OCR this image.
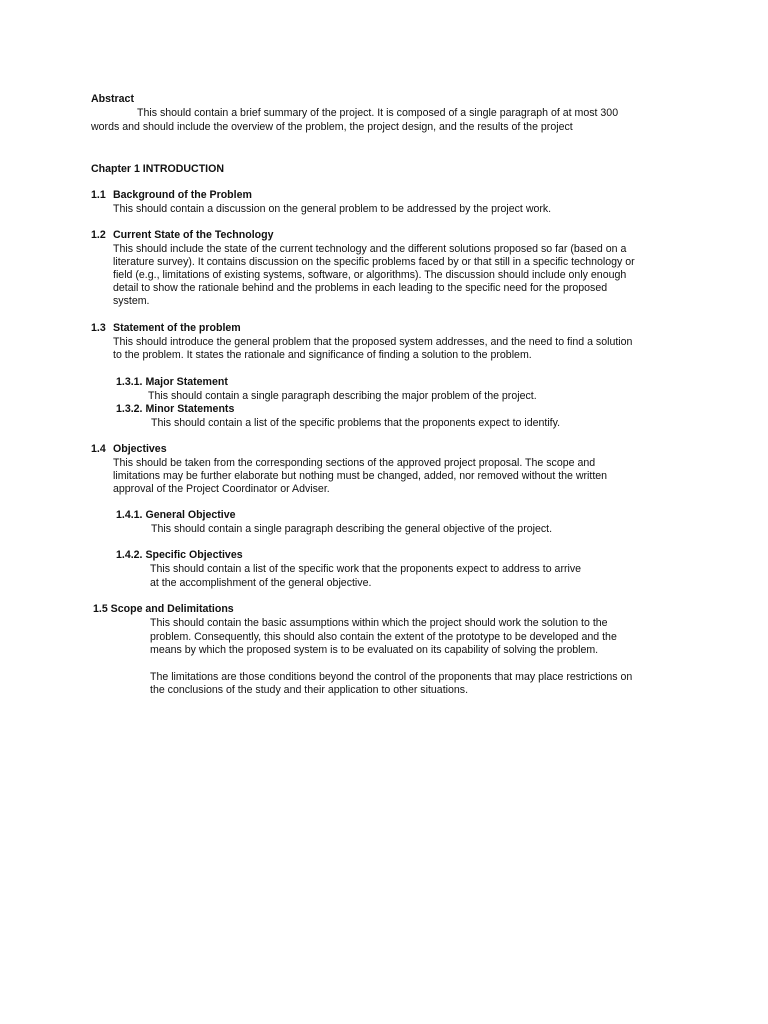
Abstract
This should contain a brief summary of the project. It is composed of a single paragraph of at most 300
words and should include the overview of the problem, the project design, and the results of the project
Chapter 1 INTRODUCTION
1.1 Background of the Problem
This should contain a discussion on the general problem to be addressed by the project work.
1.2 Current State of the Technology
This should include the state of the current technology and the different solutions proposed so far (based on a
literature survey). It contains discussion on the specific problems faced by or that still in a specific technology or
field (e.g., limitations of existing systems, software, or algorithms). The discussion should include only enough
detail to show the rationale behind and the problems in each leading to the specific need for the proposed
system.
1.3 Statement of the problem
This should introduce the general problem that the proposed system addresses, and the need to find a solution
to the problem. It states the rationale and significance of finding a solution to the problem.
1.3.1. Major Statement
This should contain a single paragraph describing the major problem of the project.
1.3.2. Minor Statements
This should contain a list of the specific problems that the proponents expect to identify.
1.4 Objectives
This should be taken from the corresponding sections of the approved project proposal. The scope and
limitations may be further elaborate but nothing must be changed, added, nor removed without the written
approval of the Project Coordinator or Adviser.
1.4.1. General Objective
This should contain a single paragraph describing the general objective of the project.
1.4.2. Specific Objectives
This should contain a list of the specific work that the proponents expect to address to arrive
at the accomplishment of the general objective.
1.5 Scope and Delimitations
This should contain the basic assumptions within which the project should work the solution to the
problem. Consequently, this should also contain the extent of the prototype to be developed and the
means by which the proposed system is to be evaluated on its capability of solving the problem.
The limitations are those conditions beyond the control of the proponents that may place restrictions on
the conclusions of the study and their application to other situations.
